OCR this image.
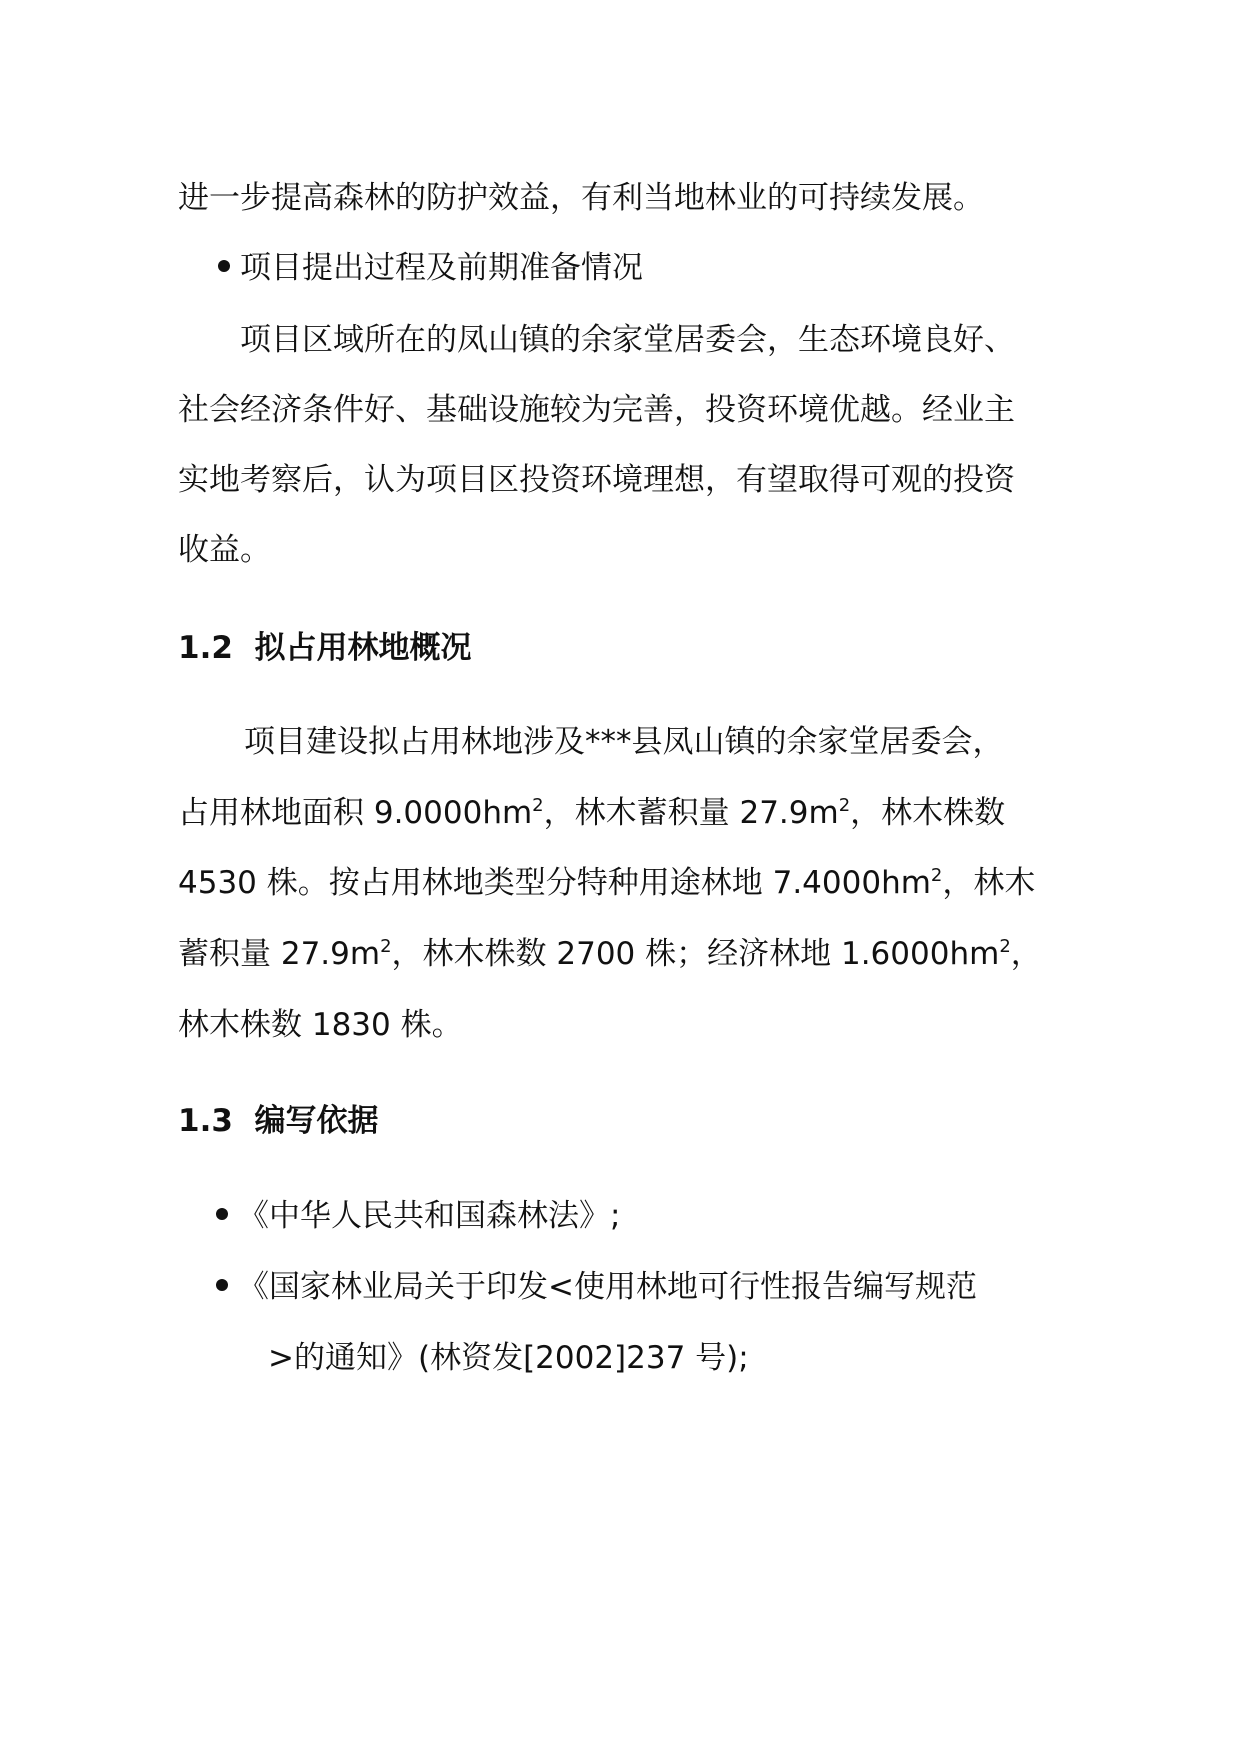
进一步提高森林的防护效益，有利当地林业的可持续发展。
项目提出过程及前期准备情况
项目区域所在的凤山镇的余家堂居委会，生态环境良好、
社会经济条件好、基础设施较为完善，投资环境优越。经业主
实地考察后，认为项目区投资环境理想，有望取得可观的投资
收益。
1.2 拟占用林地概况
项目建设拟占用林地涉及***县凤山镇的余家堂居委会，
占用林地面积 $9.0000hm^2$，林木蓄积量 $27.9m^2$，林木株数
4530 株。按占用林地类型分特种用途林地 $7.4000hm^2$，林木
蓄积量 $27.9m^2$，林木株数 2700 株；经济林地 $1.6000hm^2$，
林木株数 1830 株。
1.3 编写依据
《中华人民共和国森林法》;
《国家林业局关于印发<使用林地可行性报告编写规范
>的通知》(林资发[2002]237 号);
